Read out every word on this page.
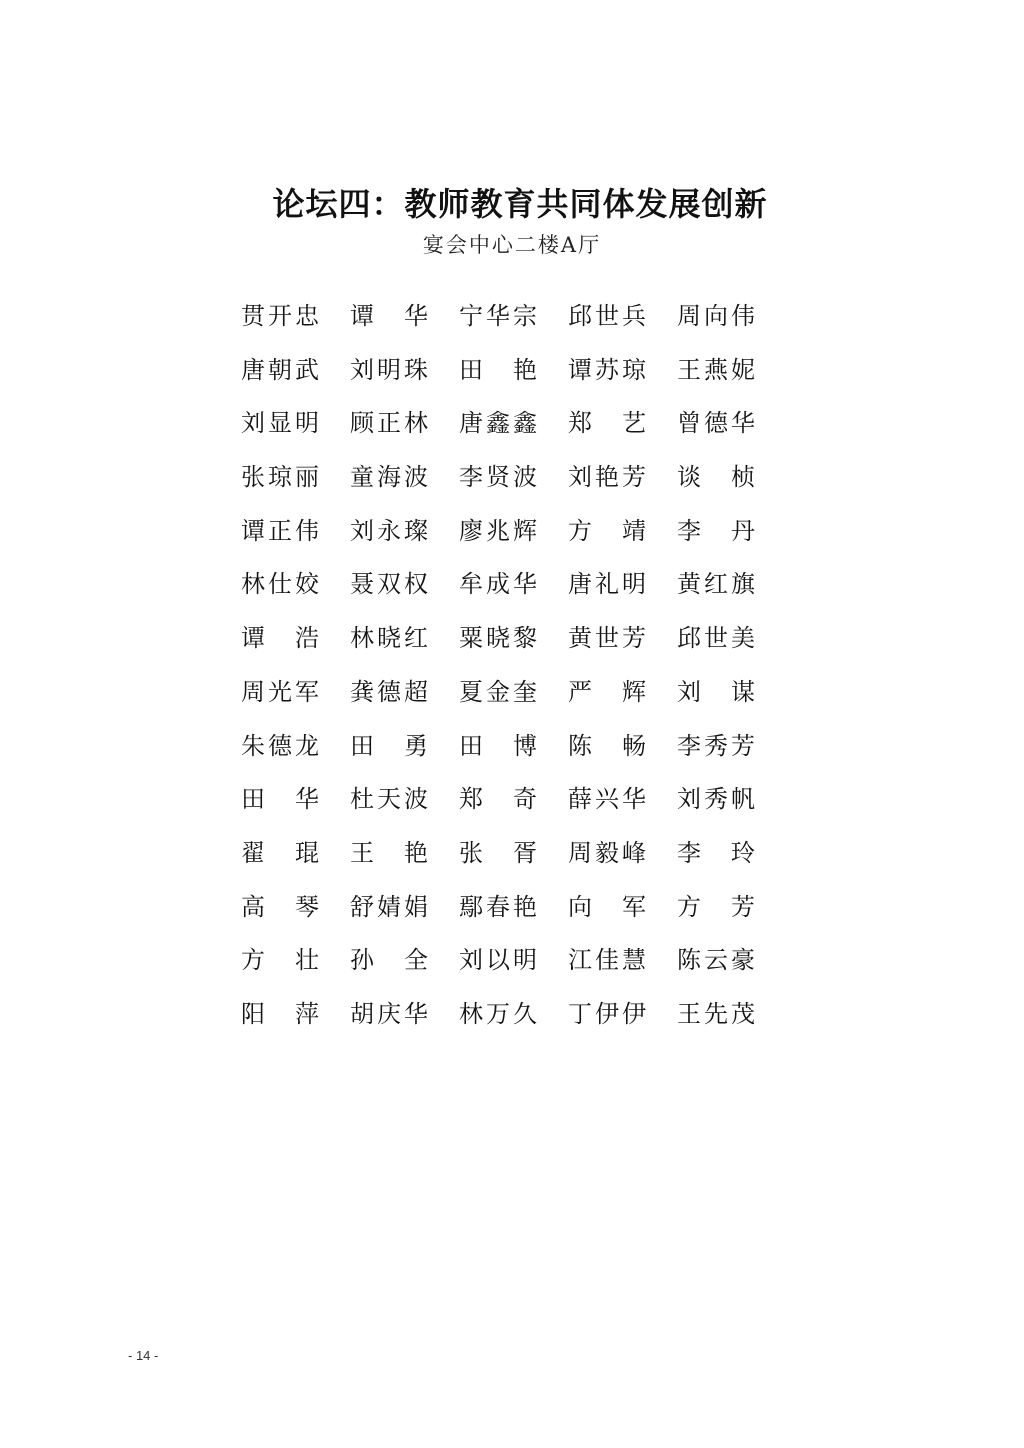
论坛四：教师教育共同体发展创新
宴会中心二楼A厅
贯 开 忠 谭 华 宁 华 宗 邱 世 兵 周 向 伟
唐 朝 武 刘 明 珠 田 艳 谭 苏 琼 王 燕 妮
刘 显 明 顾 正 林 唐 鑫 鑫 郑 艺 曾 德 华
张 琼 丽 童 海 波 李 贤 波 刘 艳 芳 谈 桢
谭 正 伟 刘 永 璨 廖 兆 辉 方 靖 李 丹
林 仕 姣 聂 双 权 牟 成 华 唐 礼 明 黄 红 旗
谭 浩 林 晓 红 粟 晓 黎 黄 世 芳 邱 世 美
周 光 军 龚 德 超 夏 金 奎 严 辉 刘 谋
朱 德 龙 田 勇 田 博 陈 畅 李 秀 芳
田 华 杜 天 波 郑 奇 薛 兴 华 刘 秀 帆
翟 琨 王 艳 张 胥 周 毅 峰 李 玲
高 琴 舒 婧 娟 鄢 春 艳 向 军 方 芳
方 壮 孙 全 刘 以 明 江 佳 慧 陈 云 豪
阳 萍 胡 庆 华 林 万 久 丁 伊 伊 王 先 茂
- 14 -
